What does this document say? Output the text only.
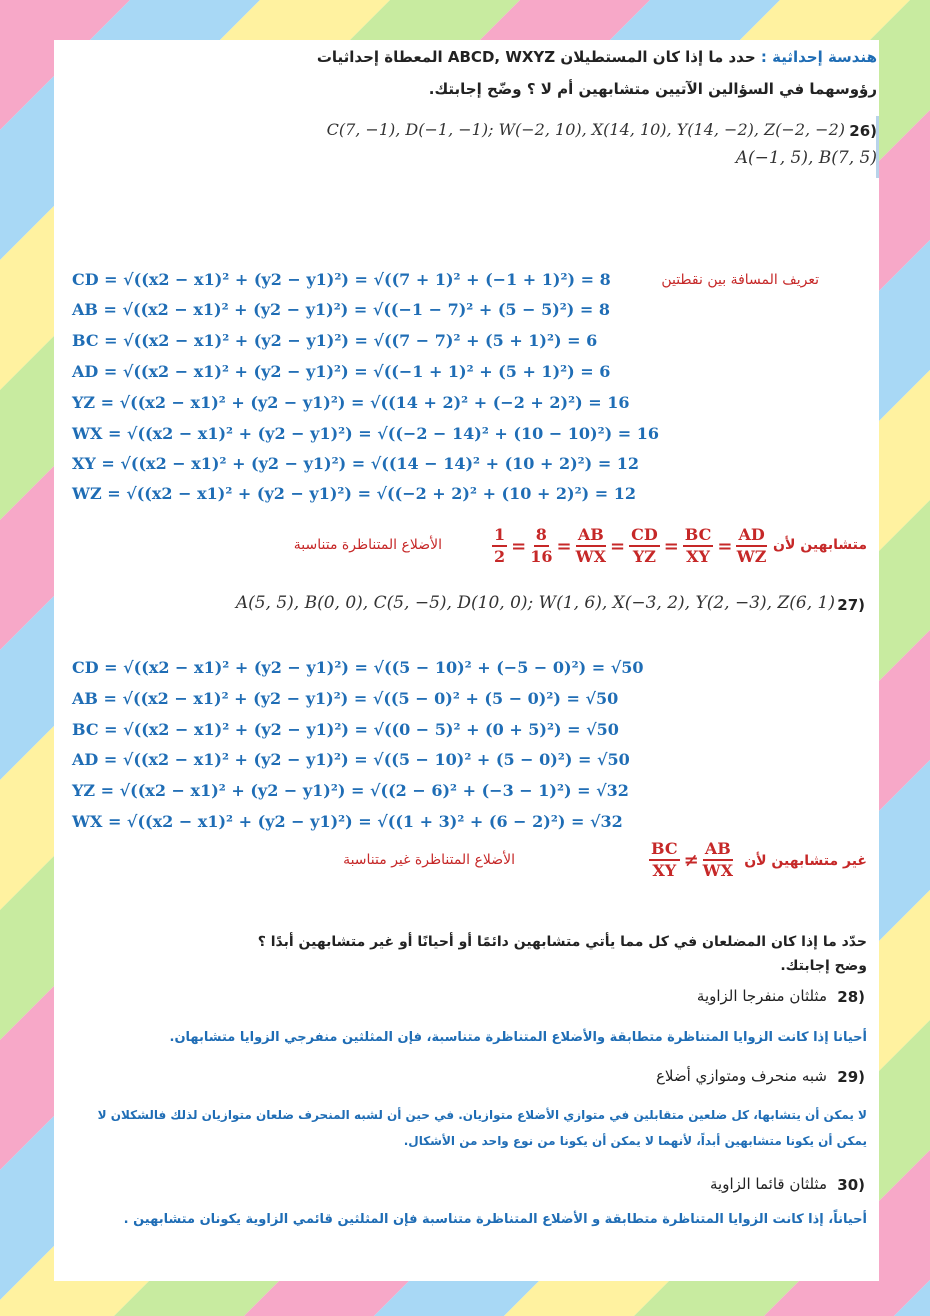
هندسة إحداثية : حدد ما إذا كان المستطيلان ABCD, WXYZ المعطاة إحداثيات
رؤوسهما في السؤالين الآتيين متشابهين أم لا ؟ وضّح إجابتك.
26)
C(7, −1), D(−1, −1); W(−2, 10), X(14, 10), Y(14, −2), Z(−2, −2)
A(−1, 5), B(7, 5)
تعريف المسافة بين نقطتين
CD = √((x2 − x1)² + (y2 − y1)²) = √((7 + 1)² + (−1 + 1)²) = 8
AB = √((x2 − x1)² + (y2 − y1)²) = √((−1 − 7)² + (5 − 5)²) = 8
BC = √((x2 − x1)² + (y2 − y1)²) = √((7 − 7)² + (5 + 1)²) = 6
AD = √((x2 − x1)² + (y2 − y1)²) = √((−1 + 1)² + (5 + 1)²) = 6
YZ = √((x2 − x1)² + (y2 − y1)²) = √((14 + 2)² + (−2 + 2)²) = 16
WX = √((x2 − x1)² + (y2 − y1)²) = √((−2 − 14)² + (10 − 10)²) = 16
XY = √((x2 − x1)² + (y2 − y1)²) = √((14 − 14)² + (10 + 2)²) = 12
WZ = √((x2 − x1)² + (y2 − y1)²) = √((−2 + 2)² + (10 + 2)²) = 12
متشابهين لأن
$\frac{1}{2} = \frac{8}{16} = \frac{AB}{WX} = \frac{CD}{YZ} = \frac{BC}{XY} = \frac{AD}{WZ}$
الأضلاع المتناظرة متناسبة
27)
A(5, 5), B(0, 0), C(5, −5), D(10, 0); W(1, 6), X(−3, 2), Y(2, −3), Z(6, 1)
CD = √((x2 − x1)² + (y2 − y1)²) = √((5 − 10)² + (−5 − 0)²) = √50
AB = √((x2 − x1)² + (y2 − y1)²) = √((5 − 0)² + (5 − 0)²) = √50
BC = √((x2 − x1)² + (y2 − y1)²) = √((0 − 5)² + (0 + 5)²) = √50
AD = √((x2 − x1)² + (y2 − y1)²) = √((5 − 10)² + (5 − 0)²) = √50
YZ = √((x2 − x1)² + (y2 − y1)²) = √((2 − 6)² + (−3 − 1)²) = √32
WX = √((x2 − x1)² + (y2 − y1)²) = √((1 + 3)² + (6 − 2)²) = √32
غير متشابهين لأن
$\frac{BC}{XY} \ne \frac{AB}{WX}$
الأضلاع المتناظرة غير متناسبة
حدّد ما إذا كان المضلعان في كل مما يأتي متشابهين دائمًا أو أحيانًا أو غير متشابهين أبدًا ؟
وضح إجابتك.
28)
مثلثان منفرجا الزاوية
أحيانا إذا كانت الزوايا المتناظرة متطابقة والأضلاع المتناظرة متناسبة، فإن المثلثين منفرجي الزوايا متشابهان.
29)
شبه منحرف ومتوازي أضلاع
لا يمكن أن يتشابها، كل ضلعين متقابلين في متوازي الأضلاع متوازيان. في حين أن لشبه المنحرف ضلعان متوازيان لذلك فالشكلان لا
يمكن أن يكونا متشابهين أبداً، لأنهما لا يمكن أن يكونا من نوع واحد من الأشكال.
30)
مثلثان قائما الزاوية
أحياناً، إذا كانت الزوايا المتناظرة متطابقة و الأضلاع المتناظرة متناسبة فإن المثلثين قائمي الزاوية يكونان متشابهين .
